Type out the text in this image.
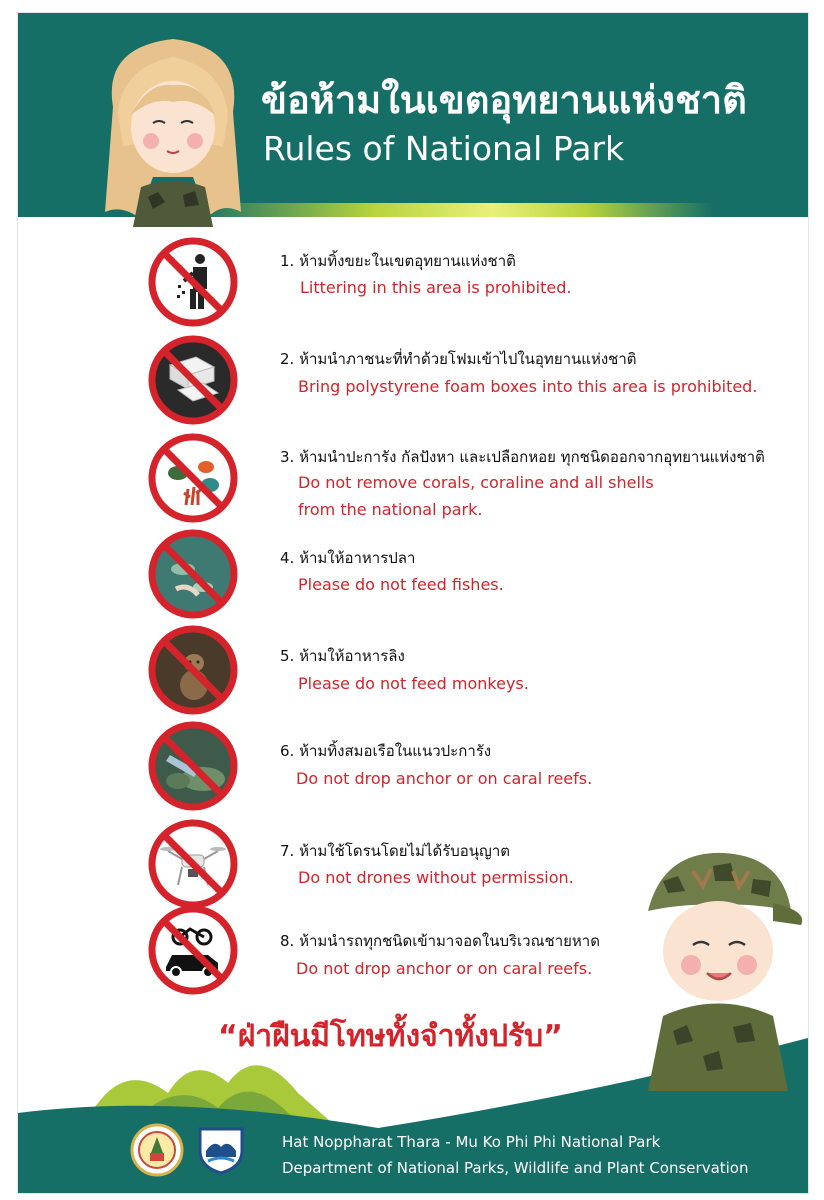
ข้อห้ามในเขตอุทยานแห่งชาติ
Rules of National Park
1. ห้ามทิ้งขยะในเขตอุทยานแห่งชาติ
Littering in this area is prohibited.
2. ห้ามนำภาชนะที่ทำด้วยโฟมเข้าไปในอุทยานแห่งชาติ
Bring polystyrene foam boxes into this area is prohibited.
3. ห้ามนำปะการัง กัลปังหา และเปลือกหอย ทุกชนิดออกจากอุทยานแห่งชาติ
Do not remove corals, coraline and all shells
from the national park.
4. ห้ามให้อาหารปลา
Please do not feed fishes.
5. ห้ามให้อาหารลิง
Please do not feed monkeys.
6. ห้ามทิ้งสมอเรือในแนวปะการัง
Do not drop anchor or on caral reefs.
7. ห้ามใช้โดรนโดยไม่ได้รับอนุญาต
Do not drones without permission.
8. ห้ามนำรถทุกชนิดเข้ามาจอดในบริเวณชายหาด
Do not drop anchor or on caral reefs.
“ฝ่าฝืนมีโทษทั้งจำทั้งปรับ”
Hat Noppharat Thara - Mu Ko Phi Phi National Park
Department of National Parks, Wildlife and Plant Conservation
